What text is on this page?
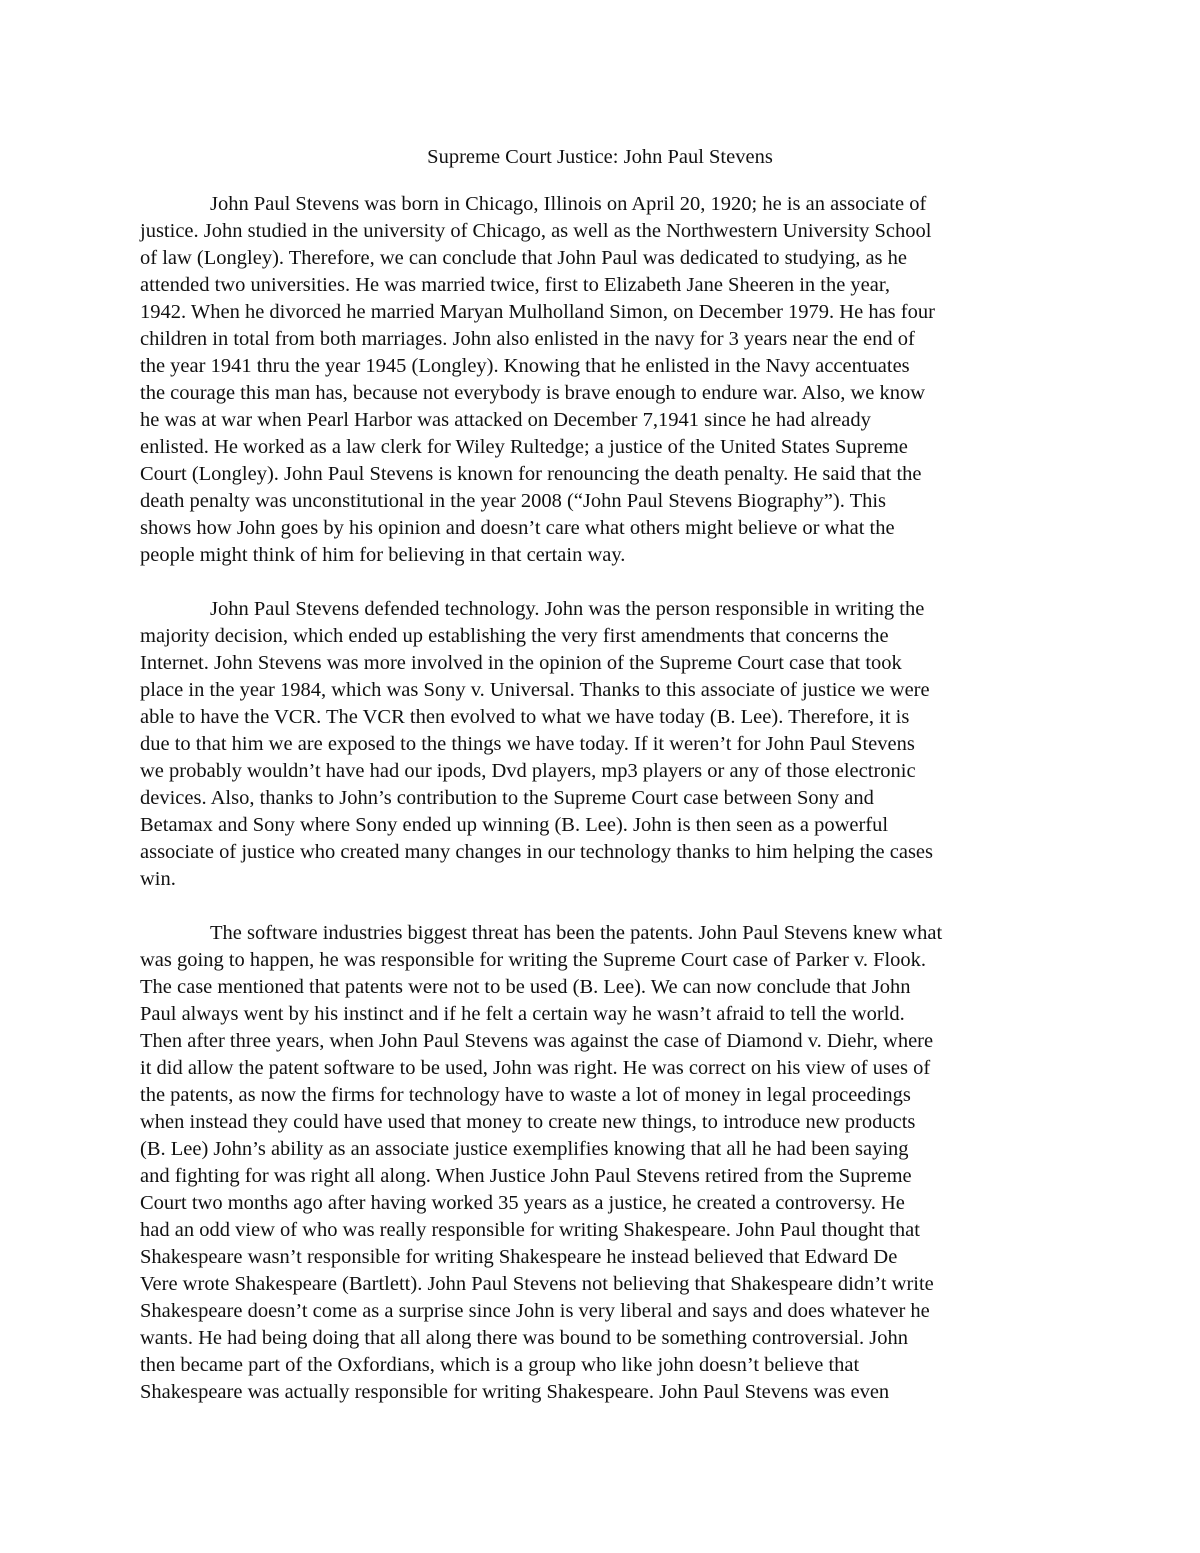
Supreme Court Justice: John Paul Stevens

John Paul Stevens was born in Chicago, Illinois on April 20, 1920; he is an associate of
justice. John studied in the university of Chicago, as well as the Northwestern University School
of law (Longley). Therefore, we can conclude that John Paul was dedicated to studying, as he
attended two universities. He was married twice, first to Elizabeth Jane Sheeren in the year,
1942. When he divorced he married Maryan Mulholland Simon, on December 1979. He has four
children in total from both marriages. John also enlisted in the navy for 3 years near the end of
the year 1941 thru the year 1945 (Longley). Knowing that he enlisted in the Navy accentuates
the courage this man has, because not everybody is brave enough to endure war. Also, we know
he was at war when Pearl Harbor was attacked on December 7,1941 since he had already
enlisted. He worked as a law clerk for Wiley Rultedge; a justice of the United States Supreme
Court (Longley). John Paul Stevens is known for renouncing the death penalty. He said that the
death penalty was unconstitutional in the year 2008 (“John Paul Stevens Biography”). This
shows how John goes by his opinion and doesn’t care what others might believe or what the
people might think of him for believing in that certain way.

John Paul Stevens defended technology. John was the person responsible in writing the
majority decision, which ended up establishing the very first amendments that concerns the
Internet. John Stevens was more involved in the opinion of the Supreme Court case that took
place in the year 1984, which was Sony v. Universal. Thanks to this associate of justice we were
able to have the VCR. The VCR then evolved to what we have today (B. Lee). Therefore, it is
due to that him we are exposed to the things we have today. If it weren’t for John Paul Stevens
we probably wouldn’t have had our ipods, Dvd players, mp3 players or any of those electronic
devices. Also, thanks to John’s contribution to the Supreme Court case between Sony and
Betamax and Sony where Sony ended up winning (B. Lee). John is then seen as a powerful
associate of justice who created many changes in our technology thanks to him helping the cases
win.

The software industries biggest threat has been the patents. John Paul Stevens knew what
was going to happen, he was responsible for writing the Supreme Court case of Parker v. Flook.
The case mentioned that patents were not to be used (B. Lee). We can now conclude that John
Paul always went by his instinct and if he felt a certain way he wasn’t afraid to tell the world.
Then after three years, when John Paul Stevens was against the case of Diamond v. Diehr, where
it did allow the patent software to be used, John was right. He was correct on his view of uses of
the patents, as now the firms for technology have to waste a lot of money in legal proceedings
when instead they could have used that money to create new things, to introduce new products
(B. Lee) John’s ability as an associate justice exemplifies knowing that all he had been saying
and fighting for was right all along. When Justice John Paul Stevens retired from the Supreme
Court two months ago after having worked 35 years as a justice, he created a controversy. He
had an odd view of who was really responsible for writing Shakespeare. John Paul thought that
Shakespeare wasn’t responsible for writing Shakespeare he instead believed that Edward De
Vere wrote Shakespeare (Bartlett). John Paul Stevens not believing that Shakespeare didn’t write
Shakespeare doesn’t come as a surprise since John is very liberal and says and does whatever he
wants. He had being doing that all along there was bound to be something controversial. John
then became part of the Oxfordians, which is a group who like john doesn’t believe that
Shakespeare was actually responsible for writing Shakespeare. John Paul Stevens was even
